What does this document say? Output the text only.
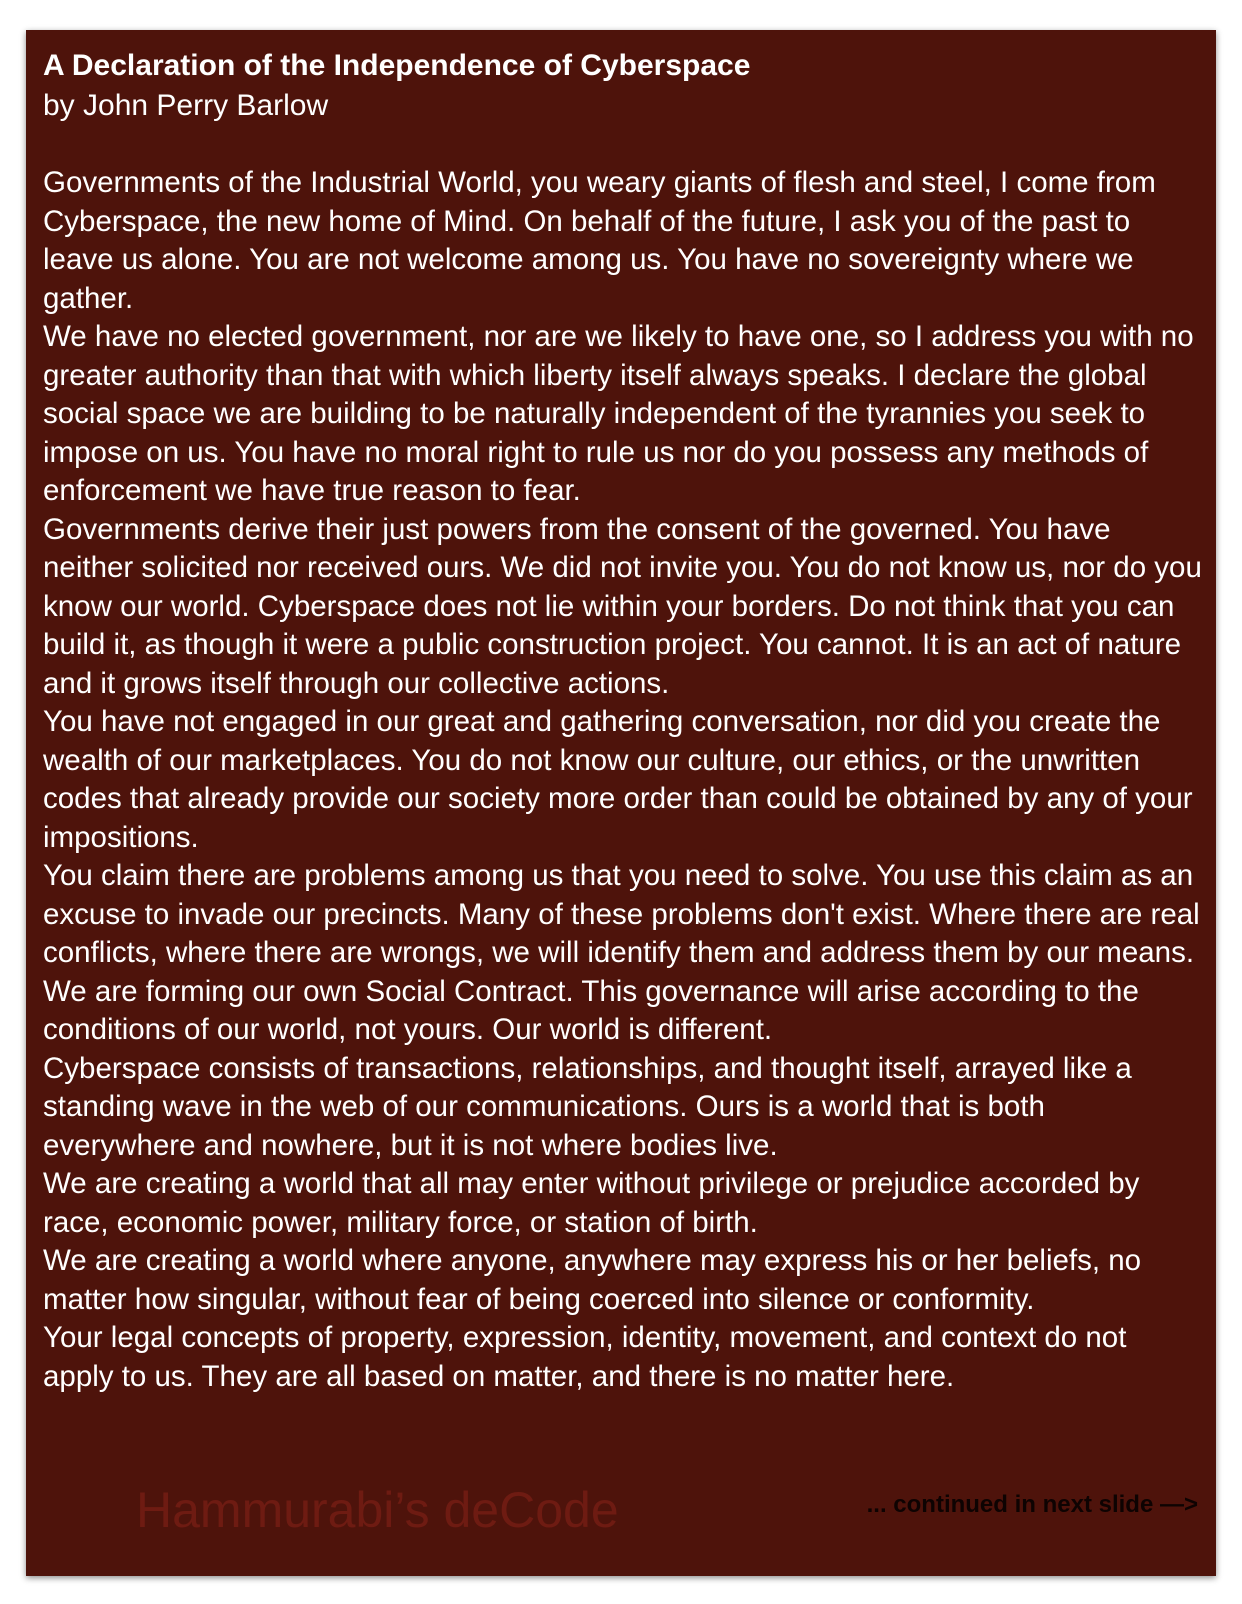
A Declaration of the Independence of Cyberspace

by John Perry Barlow

Governments of the Industrial World, you weary giants of flesh and steel, I come from Cyberspace, the new home of Mind. On behalf of the future, I ask you of the past to leave us alone. You are not welcome among us. You have no sovereignty where we gather.

We have no elected government, nor are we likely to have one, so I address you with no greater authority than that with which liberty itself always speaks. I declare the global social space we are building to be naturally independent of the tyrannies you seek to impose on us. You have no moral right to rule us nor do you possess any methods of enforcement we have true reason to fear.

Governments derive their just powers from the consent of the governed. You have neither solicited nor received ours. We did not invite you. You do not know us, nor do you know our world. Cyberspace does not lie within your borders. Do not think that you can build it, as though it were a public construction project. You cannot. It is an act of nature and it grows itself through our collective actions.

You have not engaged in our great and gathering conversation, nor did you create the wealth of our marketplaces. You do not know our culture, our ethics, or the unwritten codes that already provide our society more order than could be obtained by any of your impositions.

You claim there are problems among us that you need to solve. You use this claim as an excuse to invade our precincts. Many of these problems don't exist. Where there are real conflicts, where there are wrongs, we will identify them and address them by our means. We are forming our own Social Contract. This governance will arise according to the conditions of our world, not yours. Our world is different.

Cyberspace consists of transactions, relationships, and thought itself, arrayed like a standing wave in the web of our communications. Ours is a world that is both everywhere and nowhere, but it is not where bodies live.

We are creating a world that all may enter without privilege or prejudice accorded by race, economic power, military force, or station of birth.

We are creating a world where anyone, anywhere may express his or her beliefs, no matter how singular, without fear of being coerced into silence or conformity.

Your legal concepts of property, expression, identity, movement, and context do not apply to us. They are all based on matter, and there is no matter here.

Hammurabi’s deCode	... continued in next slide —>
